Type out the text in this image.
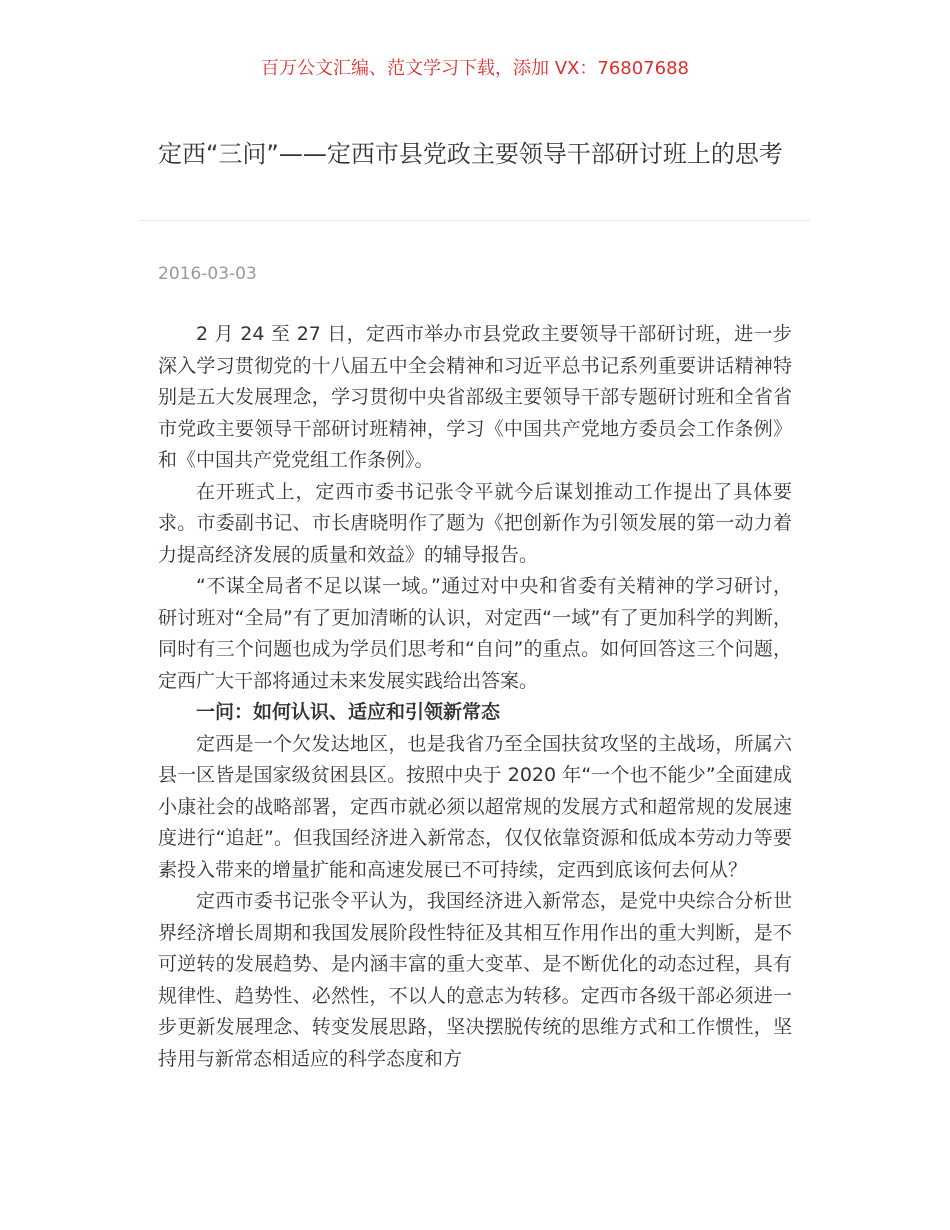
百万公文汇编、范文学习下载，添加 VX：76807688
定西“三问”——定西市县党政主要领导干部研讨班上的思考
2016-03-03

2 月 24 至 27 日，定西市举办市县党政主要领导干部研讨班，进一步深入学习贯彻党的十八届五中全会精神和习近平总书记系列重要讲话精神特别是五大发展理念，学习贯彻中央省部级主要领导干部专题研讨班和全省省市党政主要领导干部研讨班精神，学习《中国共产党地方委员会工作条例》和《中国共产党党组工作条例》。

在开班式上，定西市委书记张令平就今后谋划推动工作提出了具体要求。市委副书记、市长唐晓明作了题为《把创新作为引领发展的第一动力着力提高经济发展的质量和效益》的辅导报告。

“不谋全局者不足以谋一域。”通过对中央和省委有关精神的学习研讨，研讨班对“全局”有了更加清晰的认识，对定西“一域”有了更加科学的判断，同时有三个问题也成为学员们思考和“自问”的重点。如何回答这三个问题，定西广大干部将通过未来发展实践给出答案。

一问：如何认识、适应和引领新常态

定西是一个欠发达地区，也是我省乃至全国扶贫攻坚的主战场，所属六县一区皆是国家级贫困县区。按照中央于 2020 年“一个也不能少”全面建成小康社会的战略部署，定西市就必须以超常规的发展方式和超常规的发展速度进行“追赶”。但我国经济进入新常态，仅仅依靠资源和低成本劳动力等要素投入带来的增量扩能和高速发展已不可持续，定西到底该何去何从？

定西市委书记张令平认为，我国经济进入新常态，是党中央综合分析世界经济增长周期和我国发展阶段性特征及其相互作用作出的重大判断，是不可逆转的发展趋势、是内涵丰富的重大变革、是不断优化的动态过程，具有规律性、趋势性、必然性，不以人的意志为转移。定西市各级干部必须进一步更新发展理念、转变发展思路，坚决摆脱传统的思维方式和工作惯性，坚持用与新常态相适应的科学态度和方
